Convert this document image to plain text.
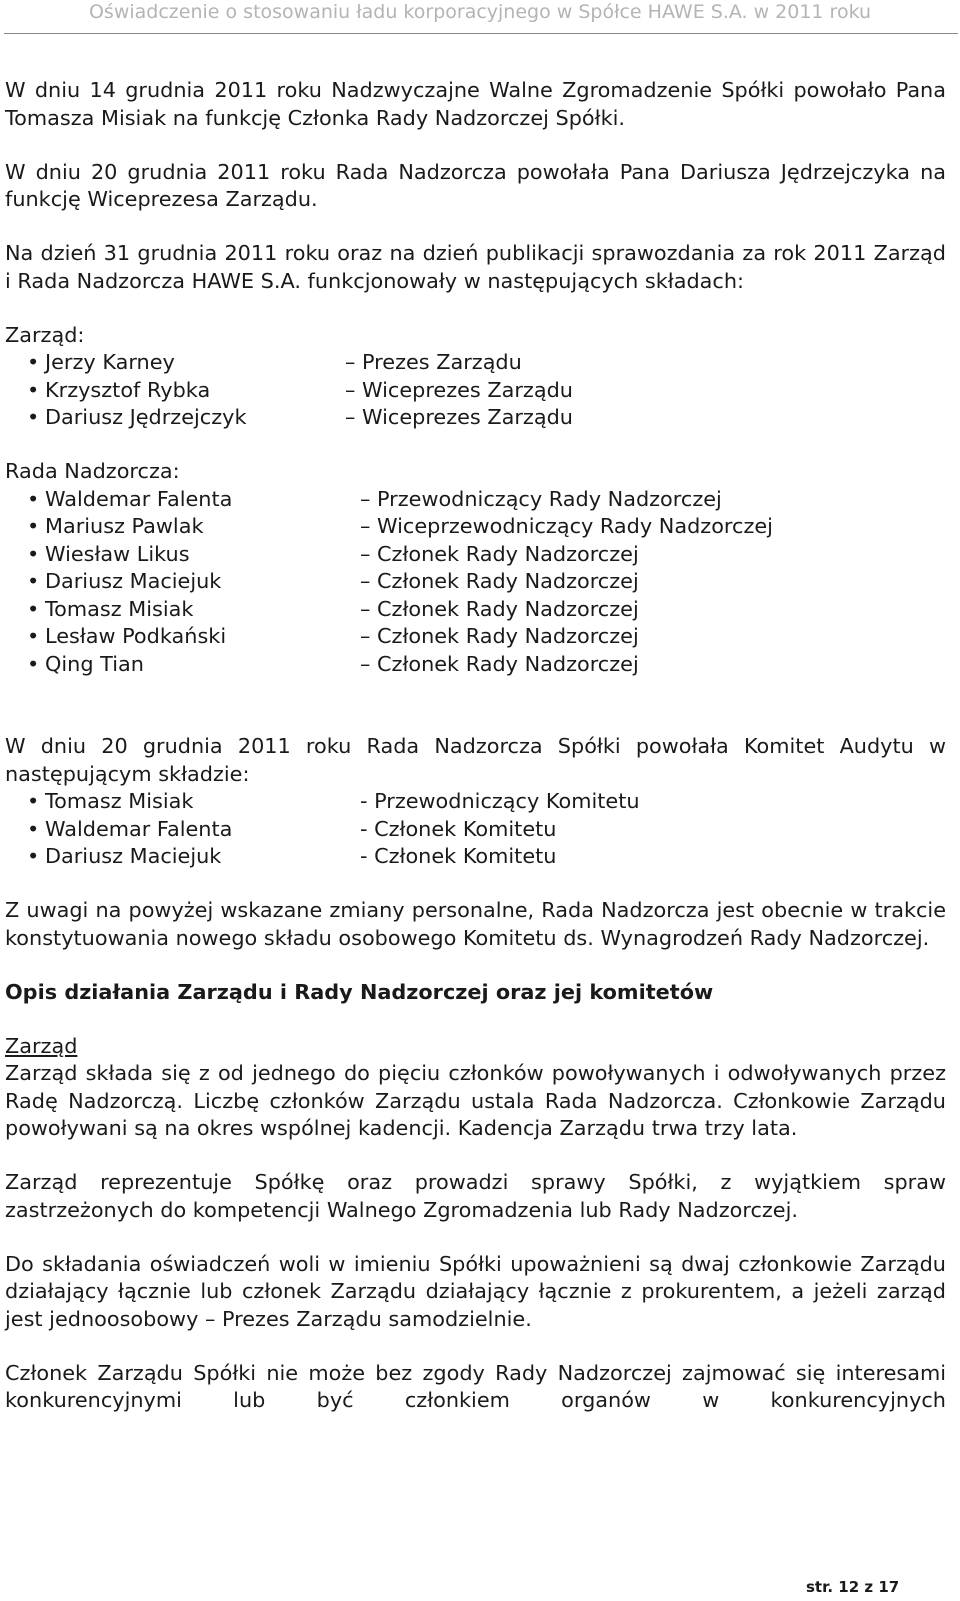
Oświadczenie o stosowaniu ładu korporacyjnego w Spółce HAWE S.A. w 2011 roku

W dniu 14 grudnia 2011 roku Nadzwyczajne Walne Zgromadzenie Spółki powołało Pana Tomasza Misiak na funkcję Członka Rady Nadzorczej Spółki.

W dniu 20 grudnia 2011 roku Rada Nadzorcza powołała Pana Dariusza Jędrzejczyka na funkcję Wiceprezesa Zarządu.

Na dzień 31 grudnia 2011 roku oraz na dzień publikacji sprawozdania za rok 2011 Zarząd i Rada Nadzorcza HAWE S.A. funkcjonowały w następujących składach:

Zarząd:

• Jerzy Karney	– Prezes Zarządu
• Krzysztof Rybka	– Wiceprezes Zarządu
• Dariusz Jędrzejczyk	– Wiceprezes Zarządu

Rada Nadzorcza:

• Waldemar Falenta	– Przewodniczący Rady Nadzorczej
• Mariusz Pawlak	– Wiceprzewodniczący Rady Nadzorczej
• Wiesław Likus	– Członek Rady Nadzorczej
• Dariusz Maciejuk	– Członek Rady Nadzorczej
• Tomasz Misiak	– Członek Rady Nadzorczej
• Lesław Podkański	– Członek Rady Nadzorczej
• Qing Tian	– Członek Rady Nadzorczej

W dniu 20 grudnia 2011 roku Rada Nadzorcza Spółki powołała Komitet Audytu w następującym składzie:

• Tomasz Misiak	- Przewodniczący Komitetu
• Waldemar Falenta	- Członek Komitetu
• Dariusz Maciejuk	- Członek Komitetu

Z uwagi na powyżej wskazane zmiany personalne, Rada Nadzorcza jest obecnie w trakcie konstytuowania nowego składu osobowego Komitetu ds. Wynagrodzeń Rady Nadzorczej.

Opis działania Zarządu i Rady Nadzorczej oraz jej komitetów

Zarząd

Zarząd składa się z od jednego do pięciu członków powoływanych i odwoływanych przez Radę Nadzorczą. Liczbę członków Zarządu ustala Rada Nadzorcza. Członkowie Zarządu powoływani są na okres wspólnej kadencji. Kadencja Zarządu trwa trzy lata.

Zarząd reprezentuje Spółkę oraz prowadzi sprawy Spółki, z wyjątkiem spraw zastrzeżonych do kompetencji Walnego Zgromadzenia lub Rady Nadzorczej.

Do składania oświadczeń woli w imieniu Spółki upoważnieni są dwaj członkowie Zarządu działający łącznie lub członek Zarządu działający łącznie z prokurentem, a jeżeli zarząd jest jednoosobowy – Prezes Zarządu samodzielnie.

Członek Zarządu Spółki nie może bez zgody Rady Nadzorczej zajmować się interesami konkurencyjnymi lub być członkiem organów w konkurencyjnych

str. 12 z 17
